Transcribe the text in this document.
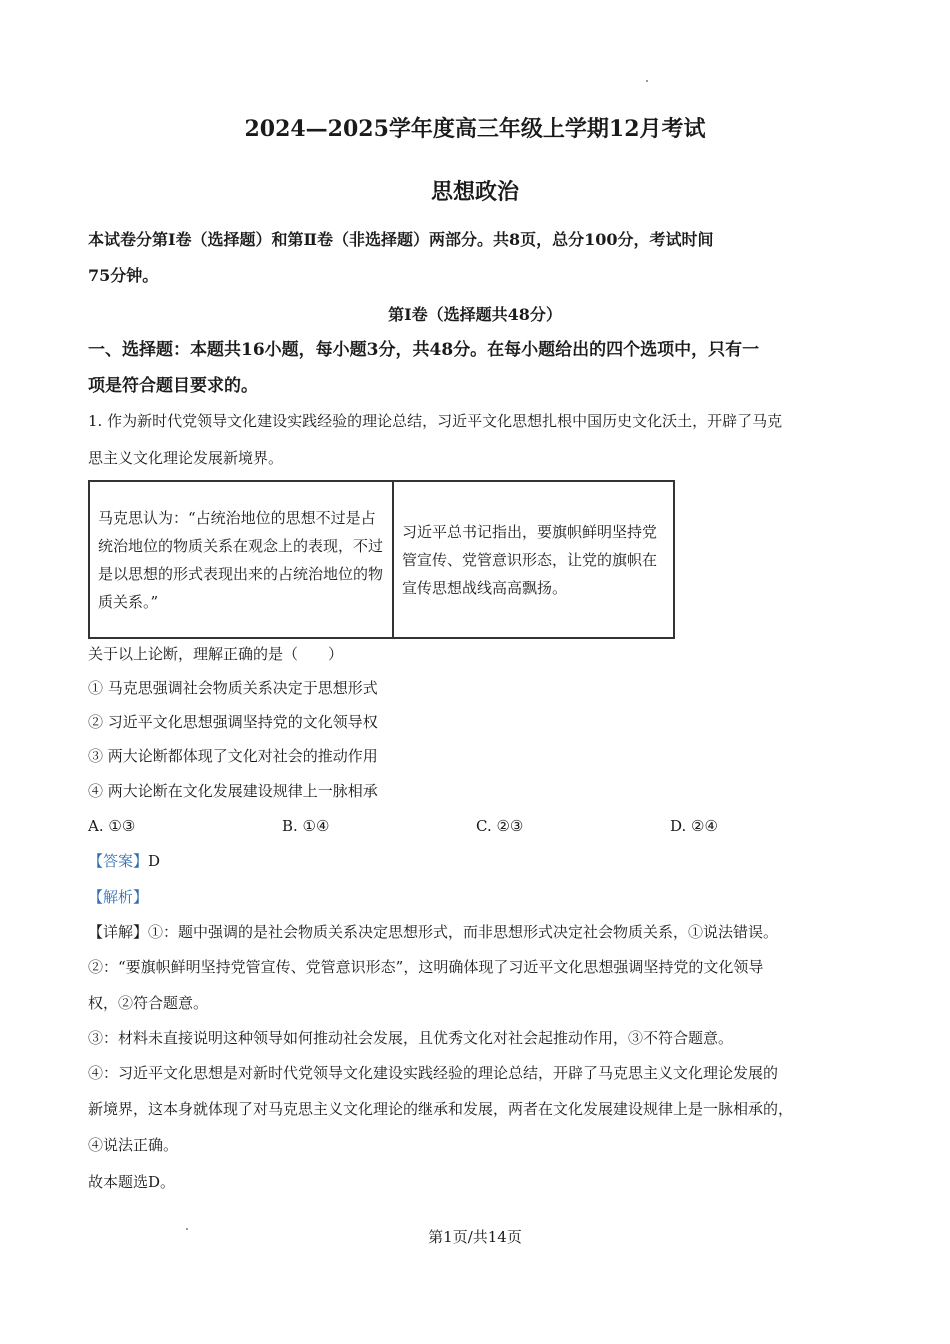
2024—2025学年度高三年级上学期12月考试
思想政治
本试卷分第Ⅰ卷（选择题）和第Ⅱ卷（非选择题）两部分。共8页，总分100分，考试时间
75分钟。
第Ⅰ卷（选择题共48分）
一、选择题：本题共16小题，每小题3分，共48分。在每小题给出的四个选项中，只有一
项是符合题目要求的。
1. 作为新时代党领导文化建设实践经验的理论总结，习近平文化思想扎根中国历史文化沃土，开辟了马克
思主义文化理论发展新境界。
马克思认为：“占统治地位的思想不过是占统治地位的物质关系在观念上的表现，不过是以思想的形式表现出来的占统治地位的物质关系。”	习近平总书记指出，要旗帜鲜明坚持党管宣传、党管意识形态，让党的旗帜在宣传思想战线高高飘扬。
关于以上论断，理解正确的是（　　）
① 马克思强调社会物质关系决定于思想形式
② 习近平文化思想强调坚持党的文化领导权
③ 两大论断都体现了文化对社会的推动作用
④ 两大论断在文化发展建设规律上一脉相承
A. ①③	B. ①④	C. ②③	D. ②④
【答案】D
【解析】
【详解】①：题中强调的是社会物质关系决定思想形式，而非思想形式决定社会物质关系，①说法错误。
②：“要旗帜鲜明坚持党管宣传、党管意识形态”，这明确体现了习近平文化思想强调坚持党的文化领导
权，②符合题意。
③：材料未直接说明这种领导如何推动社会发展，且优秀文化对社会起推动作用，③不符合题意。
④：习近平文化思想是对新时代党领导文化建设实践经验的理论总结，开辟了马克思主义文化理论发展的
新境界，这本身就体现了对马克思主义文化理论的继承和发展，两者在文化发展建设规律上是一脉相承的，
④说法正确。
故本题选D。
第1页/共14页
